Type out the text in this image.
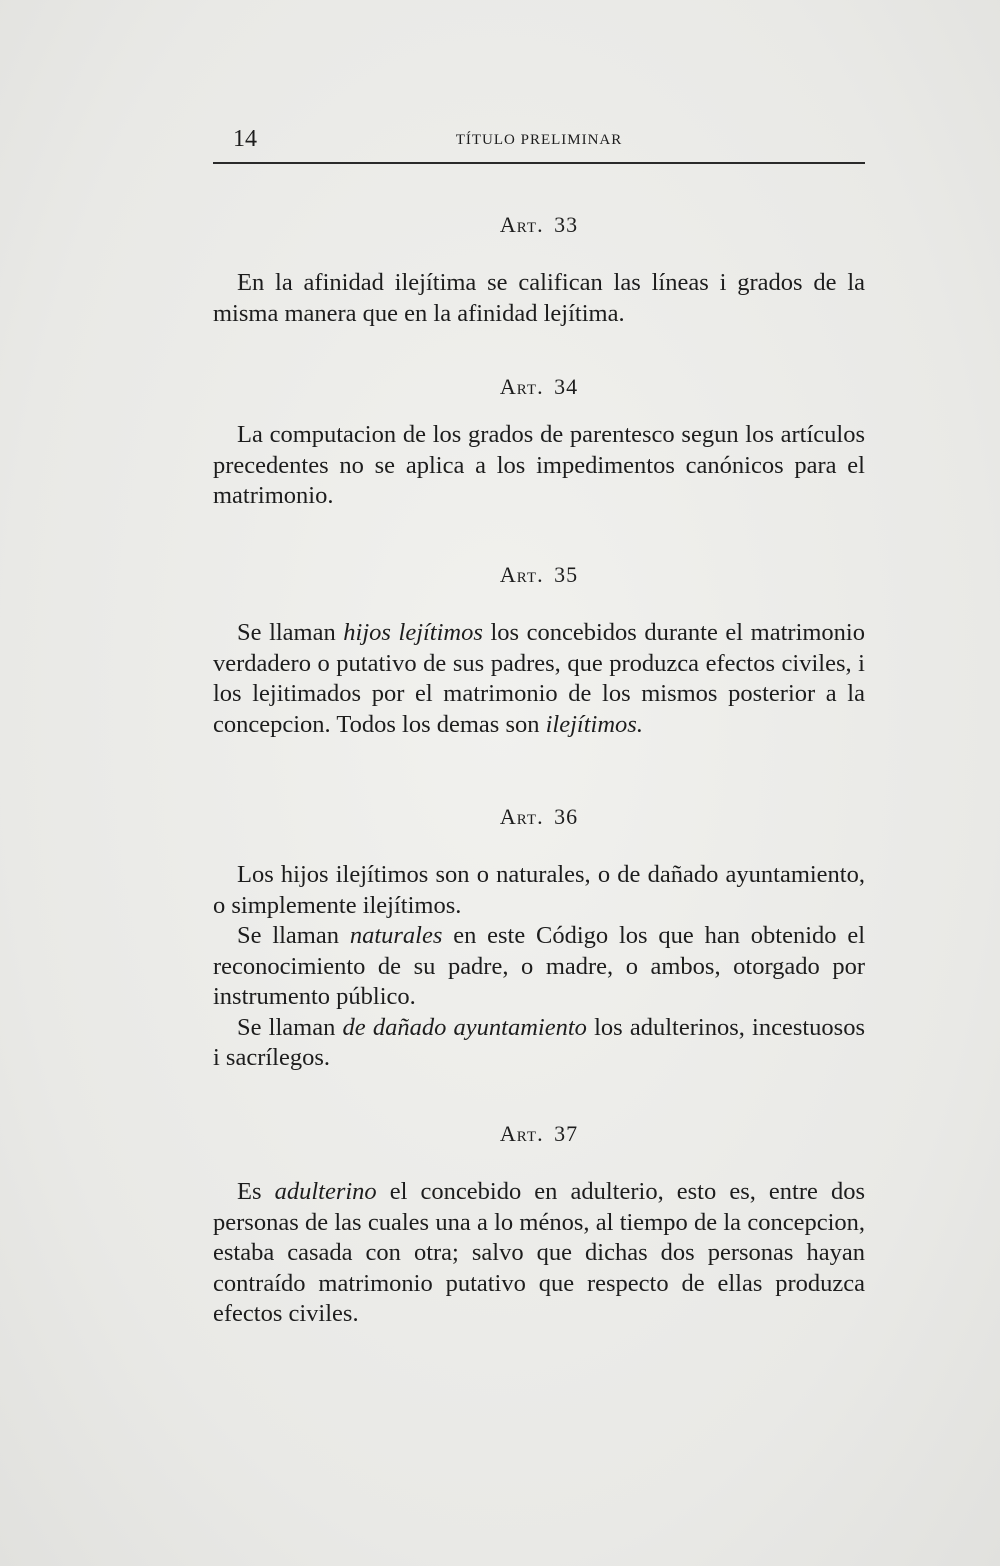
14	TÍTULO PRELIMINAR

Art. 33

En la afinidad ilejítima se califican las líneas i grados de la misma manera que en la afinidad lejítima.

Art. 34

La computacion de los grados de parentesco segun los artículos precedentes no se aplica a los impedimentos canónicos para el matrimonio.

Art. 35

Se llaman hijos lejítimos los concebidos durante el matrimonio verdadero o putativo de sus padres, que produzca efectos civiles, i los lejitimados por el matrimonio de los mismos posterior a la concepcion. Todos los demas son ilejítimos.

Art. 36

Los hijos ilejítimos son o naturales, o de dañado ayuntamiento, o simplemente ilejítimos.

Se llaman naturales en este Código los que han obtenido el reconocimiento de su padre, o madre, o ambos, otorgado por instrumento público.

Se llaman de dañado ayuntamiento los adulterinos, incestuosos i sacrílegos.

Art. 37

Es adulterino el concebido en adulterio, esto es, entre dos personas de las cuales una a lo ménos, al tiempo de la concepcion, estaba casada con otra; salvo que dichas dos personas hayan contraído matrimonio putativo que respecto de ellas produzca efectos civiles.
